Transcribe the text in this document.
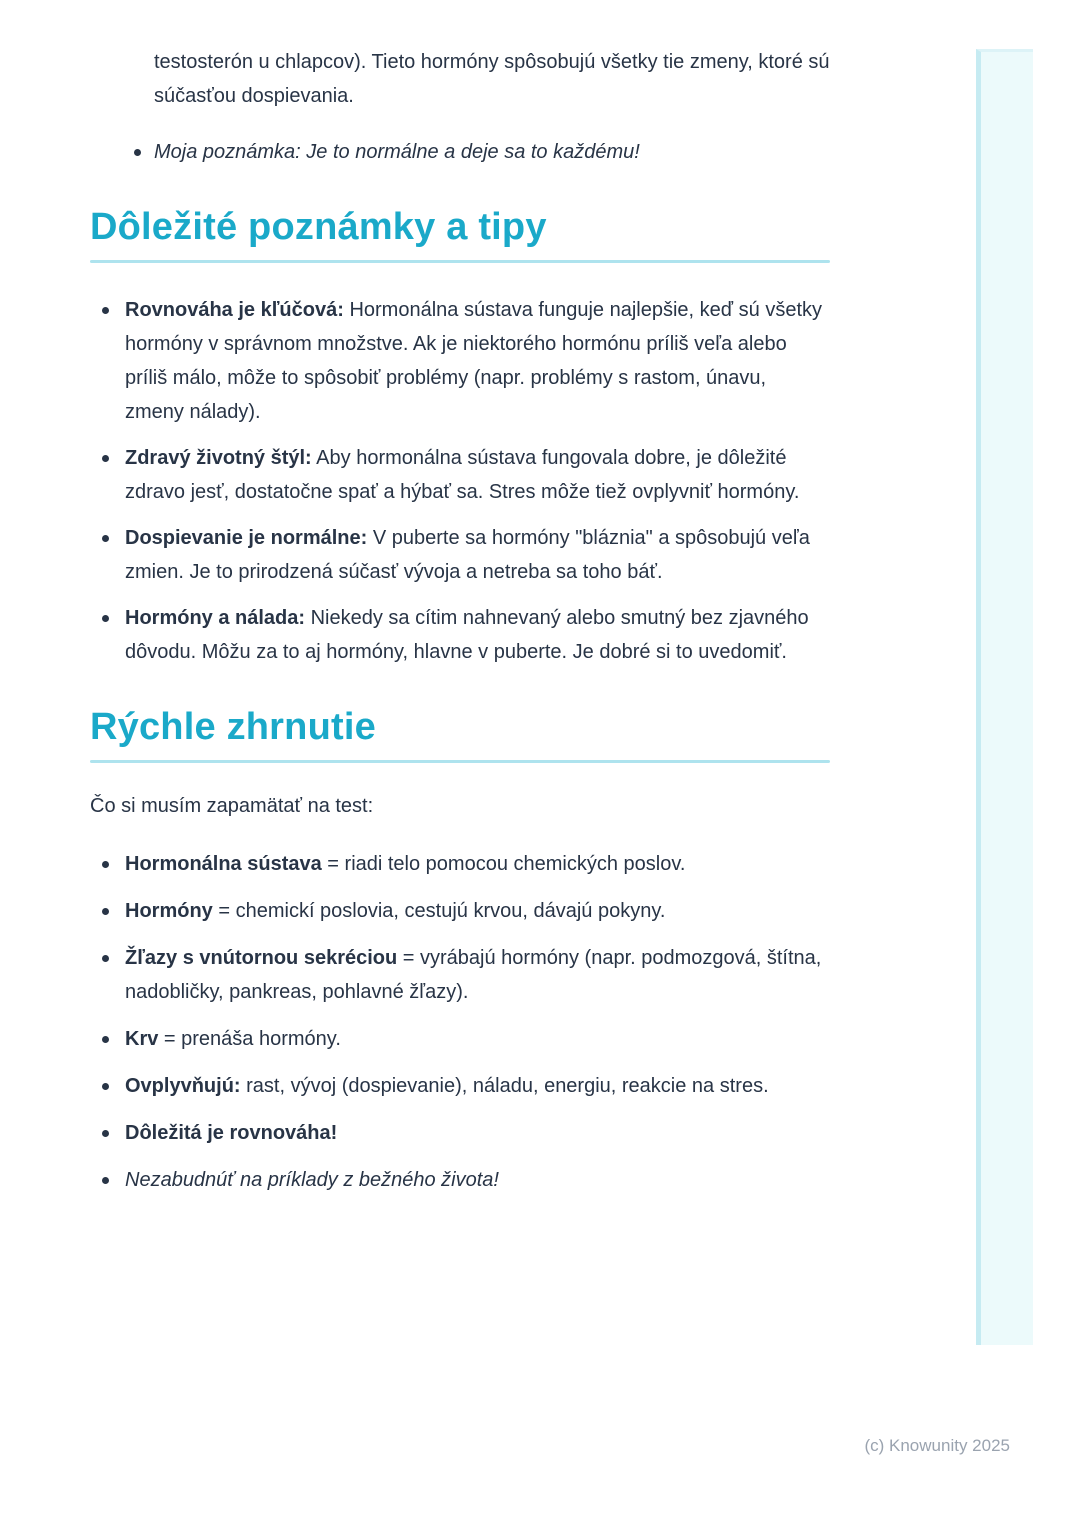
testosterón u chlapcov). Tieto hormóny spôsobujú všetky tie zmeny, ktoré sú súčasťou dospievania.

Moja poznámka: Je to normálne a deje sa to každému!
Dôležité poznámky a tipy
Rovnováha je kľúčová: Hormonálna sústava funguje najlepšie, keď sú všetky hormóny v správnom množstve. Ak je niektorého hormónu príliš veľa alebo príliš málo, môže to spôsobiť problémy (napr. problémy s rastom, únavu, zmeny nálady).
Zdravý životný štýl: Aby hormonálna sústava fungovala dobre, je dôležité zdravo jesť, dostatočne spať a hýbať sa. Stres môže tiež ovplyvniť hormóny.
Dospievanie je normálne: V puberte sa hormóny "bláznia" a spôsobujú veľa zmien. Je to prirodzená súčasť vývoja a netreba sa toho báť.
Hormóny a nálada: Niekedy sa cítim nahnevaný alebo smutný bez zjavného dôvodu. Môžu za to aj hormóny, hlavne v puberte. Je dobré si to uvedomiť.
Rýchle zhrnutie

Čo si musím zapamätať na test:

Hormonálna sústava = riadi telo pomocou chemických poslov.
Hormóny = chemickí poslovia, cestujú krvou, dávajú pokyny.
Žľazy s vnútornou sekréciou = vyrábajú hormóny (napr. podmozgová, štítna, nadobličky, pankreas, pohlavné žľazy).
Krv = prenáša hormóny.
Ovplyvňujú: rast, vývoj (dospievanie), náladu, energiu, reakcie na stres.
Dôležitá je rovnováha!
Nezabudnúť na príklady z bežného života!
(c) Knowunity 2025
